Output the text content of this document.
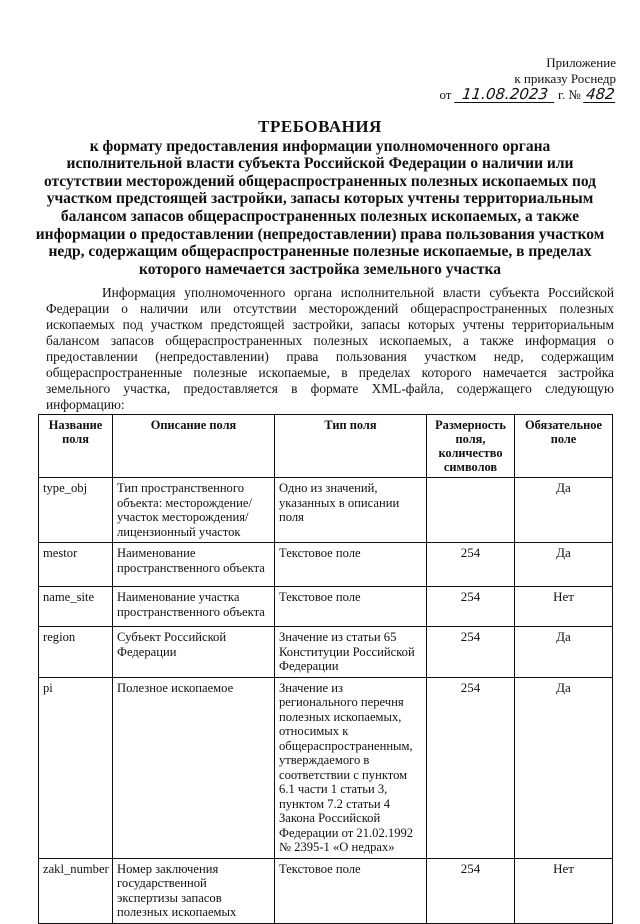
Приложение
к приказу Роснедр
от 11.08.2023 г. № 482
ТРЕБОВАНИЯ
к формату предоставления информации уполномоченного органа исполнительной власти субъекта Российской Федерации о наличии или отсутствии месторождений общераспространенных полезных ископаемых под участком предстоящей застройки, запасы которых учтены территориальным балансом запасов общераспространенных полезных ископаемых, а также информации о предоставлении (непредоставлении) права пользования участком недр, содержащим общераспространенные полезные ископаемые, в пределах которого намечается застройка земельного участка
Информация уполномоченного органа исполнительной власти субъекта Российской Федерации о наличии или отсутствии месторождений общераспространенных полезных ископаемых под участком предстоящей застройки, запасы которых учтены территориальным балансом запасов общераспространенных полезных ископаемых, а также информация о предоставлении (непредоставлении) права пользования участком недр, содержащим общераспространенные полезные ископаемые, в пределах которого намечается застройка земельного участка, предоставляется в формате XML-файла, содержащего следующую информацию:
Название поля	Описание поля	Тип поля	Размерность поля, количество символов	Обязательное поле
type_obj	Тип пространственного объекта: месторождение/ участок месторождения/ лицензионный участок	Одно из значений, указанных в описании поля		Да
mestor	Наименование пространственного объекта	Текстовое поле	254	Да
name_site	Наименование участка пространственного объекта	Текстовое поле	254	Нет
region	Субъект Российской Федерации	Значение из статьи 65 Конституции Российской Федерации	254	Да
pi	Полезное ископаемое	Значение из регионального перечня полезных ископаемых, относимых к общераспространенным, утверждаемого в соответствии с пунктом 6.1 части 1 статьи 3, пунктом 7.2 статьи 4 Закона Российской Федерации от 21.02.1992 № 2395-1 «О недрах»	254	Да
zakl_number	Номер заключения государственной экспертизы запасов полезных ископаемых	Текстовое поле	254	Нет
